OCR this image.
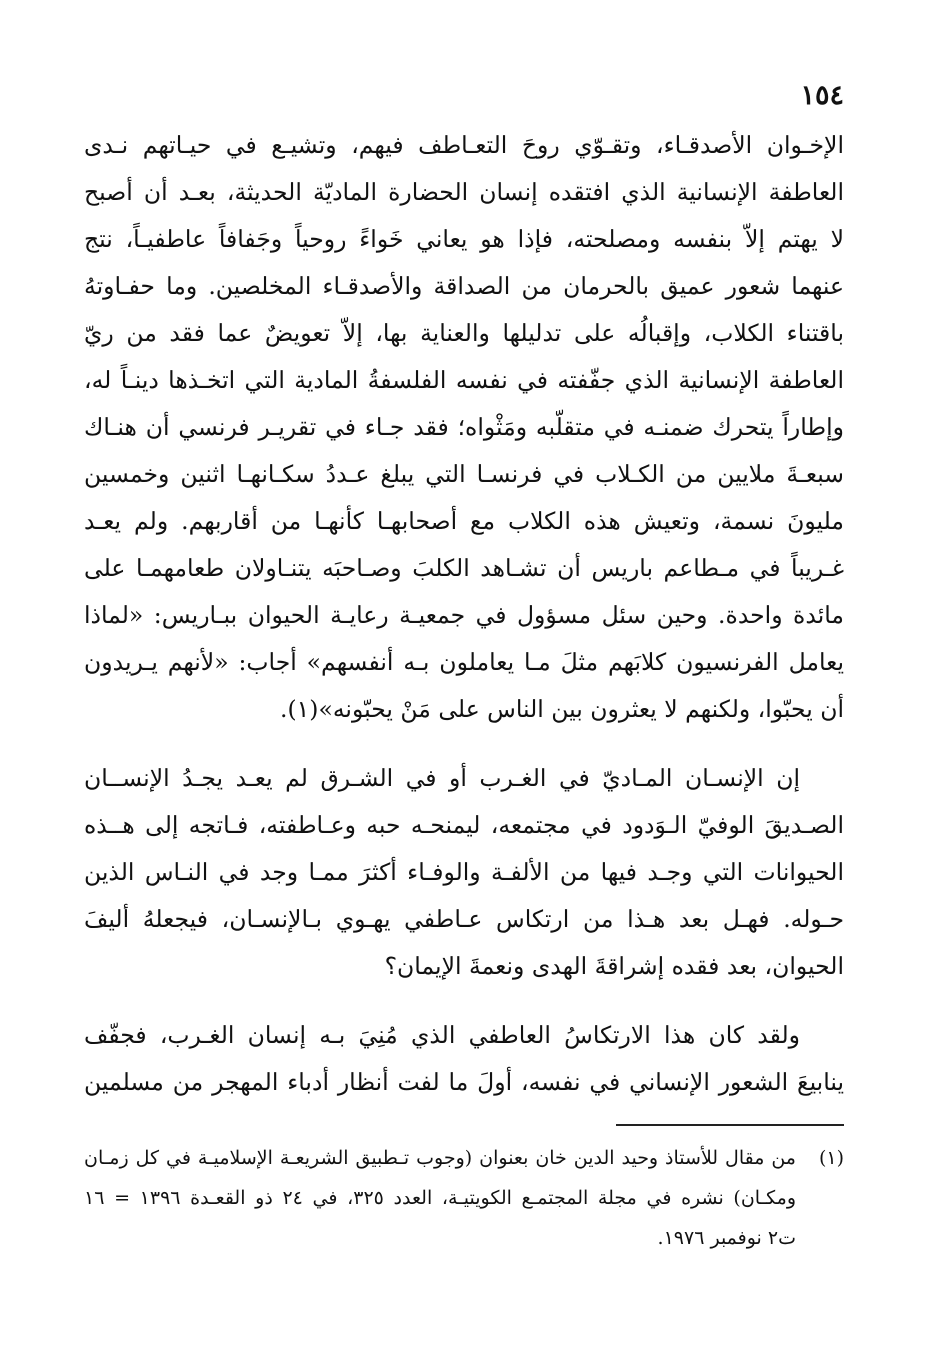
١٥٤
الإخـوان الأصدقـاء، وتقـوّي روحَ التعـاطف فيهم، وتشيـع في حيـاتهم نـدى
العاطفة الإنسانية الذي افتقده إنسان الحضارة الماديّة الحديثة، بعـد أن أصبح
لا يهتم إلاّ بنفسه ومصلحته، فإذا هو يعاني خَواءً روحياً وجَفافاً عاطفيـاً، نتج
عنهما شعور عميق بالحرمان من الصداقة والأصدقـاء المخلصين. وما حفـاوتهُ
باقتناء الكلاب، وإقبالُه على تدليلها والعناية بها، إلاّ تعويضٌ عما فقد من ريّ
العاطفة الإنسانية الذي جفّفته في نفسه الفلسفةُ المادية التي اتخـذها دينـاً له،
وإطاراً يتحرك ضمنـه في متقلّبه ومَثْواه؛ فقد جـاء في تقريـر فرنسي أن هنـاك
سبعـةَ ملايين من الكـلاب في فرنسـا التي يبلغ عـددُ سكـانهـا اثنين وخمسين
مليونَ نسمة، وتعيش هذه الكلاب مع أصحابهـا كأنهـا من أقاربهم. ولم يعـد
غـريباً في مـطاعم باريس أن تشـاهد الكلبَ وصـاحبَه يتنـاولان طعامهمـا على
مائدة واحدة. وحين سئل مسؤول في جمعيـة رعايـة الحيوان ببـاريس: «لماذا
يعامل الفرنسيون كلابَهم مثلَ مـا يعاملون بـه أنفسهم» أجاب: «لأنهم يـريدون
أن يحبّوا، ولكنهم لا يعثرون بين الناس على مَنْ يحبّونه»(١).
إن الإنسـان المـاديّ في الغـرب أو في الشـرق لم يعـد يجـدُ الإنســان
الصـديقَ الوفيّ الـوَدود في مجتمعه، ليمنحـه حبه وعـاطفته، فـاتجه إلى هــذه
الحيوانات التي وجـد فيها من الألفـة والوفـاء أكثرَ ممـا وجد في النـاس الذين
حـوله. فهـل بعد هـذا من ارتكاس عـاطفي يهـوي بـالإنسـان، فيجعلهُ أليفَ
الحيوان، بعد فقده إشراقةَ الهدى ونعمةَ الإيمان؟
ولقد كان هذا الارتكاسُ العاطفي الذي مُنِيَ بـه إنسان الغـرب، فجفّف
ينابيعَ الشعور الإنساني في نفسه، أولَ ما لفت أنظار أدباء المهجر من مسلمين
(١)
من مقال للأستاذ وحيد الدين خان بعنوان (وجوب تـطبيق الشريعـة الإسلاميـة في كل زمـان
ومكـان) نشره في مجلة المجتمـع الكويتيـة، العدد ٣٢٥، في ٢٤ ذو القعـدة ١٣٩٦ = ١٦
ت٢ نوفمبر ١٩٧٦.
